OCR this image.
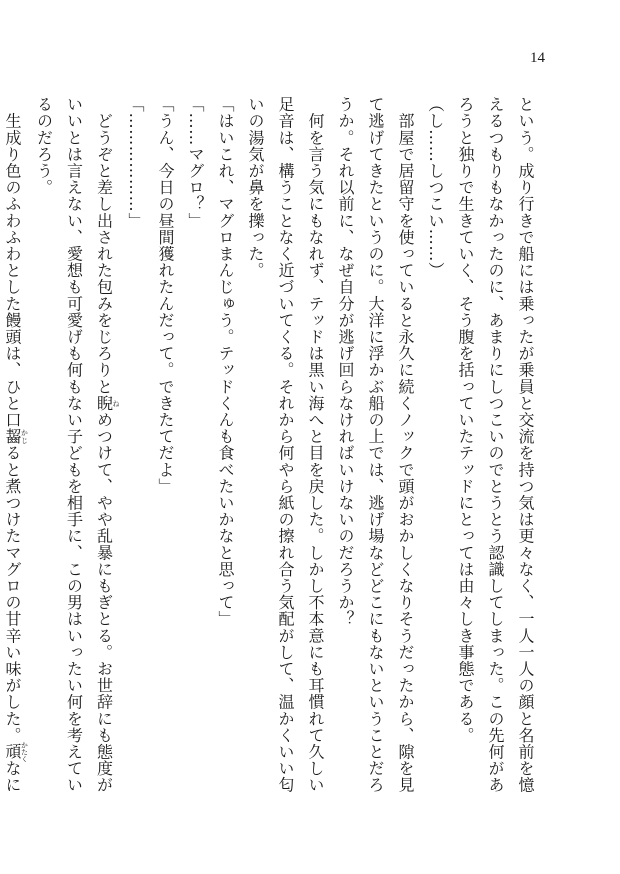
14

という。成り行きで船には乗ったが乗員と交流を持つ気は更々なく、一人一人の顔と名前を憶

えるつもりもなかったのに、あまりにしつこいのでとうとう認識してしまった。この先何があ

ろうと独りで生きていく、そう腹を括っていたテッドにとっては由々しき事態である。

（し……しつこい……）

　部屋で居留守を使っていると永久に続くノックで頭がおかしくなりそうだったから、隙を見

て逃げてきたというのに。大洋に浮かぶ船の上では、逃げ場などどこにもないということだろ

うか。それ以前に、なぜ自分が逃げ回らなければいけないのだろうか？

　何を言う気にもなれず、テッドは黒い海へと目を戻した。しかし不本意にも耳慣れて久しい

足音は、構うことなく近づいてくる。それから何やら紙の擦れ合う気配がして、温かくいい匂

いの湯気が鼻を擽った。

「はいこれ、マグロまんじゅう。テッドくんも食べたいかなと思って」

「……マグロ？」

「うん、今日の昼間獲れたんだって。できたてだよ」

「………………」

　どうぞと差し出された包みをじろりと睨ねめつけて、やや乱暴にもぎとる。お世辞にも態度が

いいとは言えない、愛想も可愛げも何もない子どもを相手に、この男はいったい何を考えてい

るのだろう。

　生成り色のふわふわとした饅頭は、ひと口齧かじると煮つけたマグロの甘辛い味がした。頑かたくなに
